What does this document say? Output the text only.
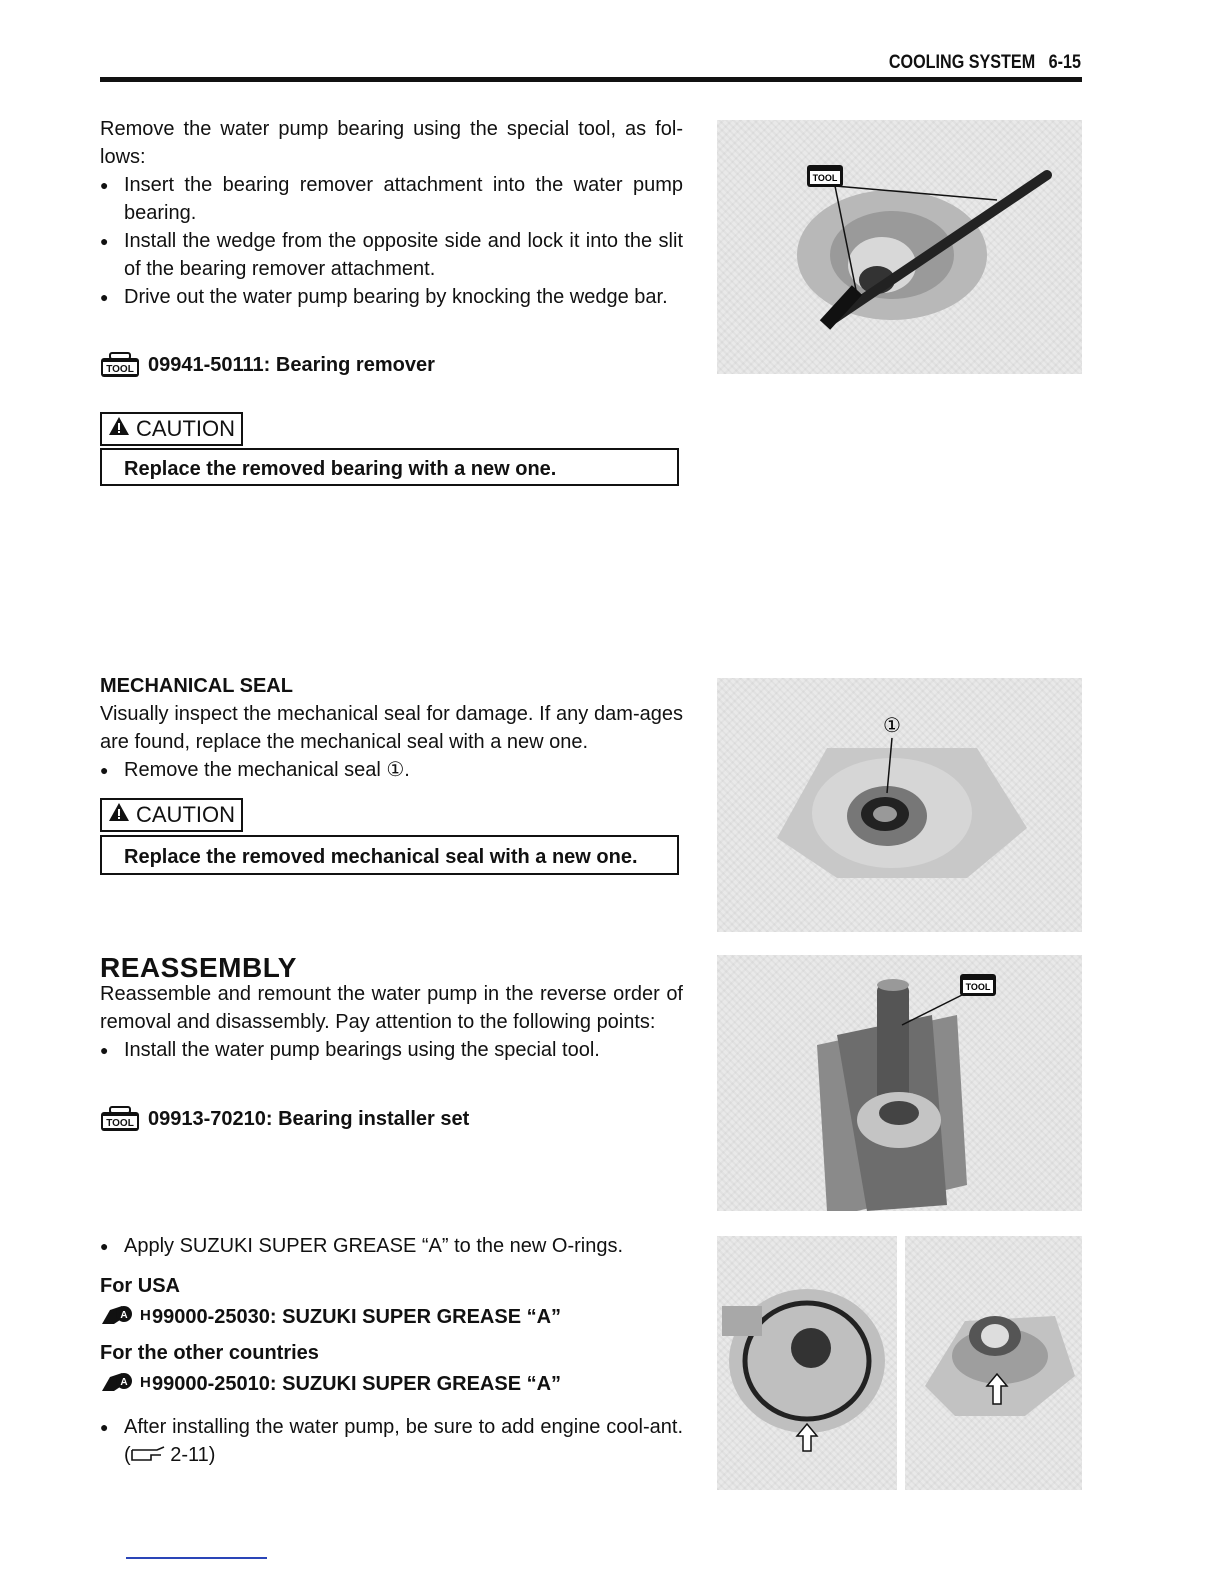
COOLING SYSTEM 6-15

Remove the water pump bearing using the special tool, as fol-lows:

● Insert the bearing remover attachment into the water pump bearing.

● Install the wedge from the opposite side and lock it into the slit of the bearing remover attachment.

● Drive out the water pump bearing by knocking the wedge bar.

TOOL 09941-50111: Bearing remover
CAUTION
Replace the removed bearing with a new one.
TOOL
MECHANICAL SEAL

Visually inspect the mechanical seal for damage. If any dam-ages are found, replace the mechanical seal with a new one.

● Remove the mechanical seal ①.

CAUTION
Replace the removed mechanical seal with a new one.
①
REASSEMBLY

Reassemble and remount the water pump in the reverse order of removal and disassembly. Pay attention to the following points:

● Install the water pump bearings using the special tool.

TOOL 09913-70210: Bearing installer set
TOOL

● Apply SUZUKI SUPER GREASE “A” to the new O-rings.

For USA
A H 99000-25030: SUZUKI SUPER GREASE “A”
For the other countries
A H 99000-25010: SUZUKI SUPER GREASE “A”

● After installing the water pump, be sure to add engine cool-ant. ( 2-11)
